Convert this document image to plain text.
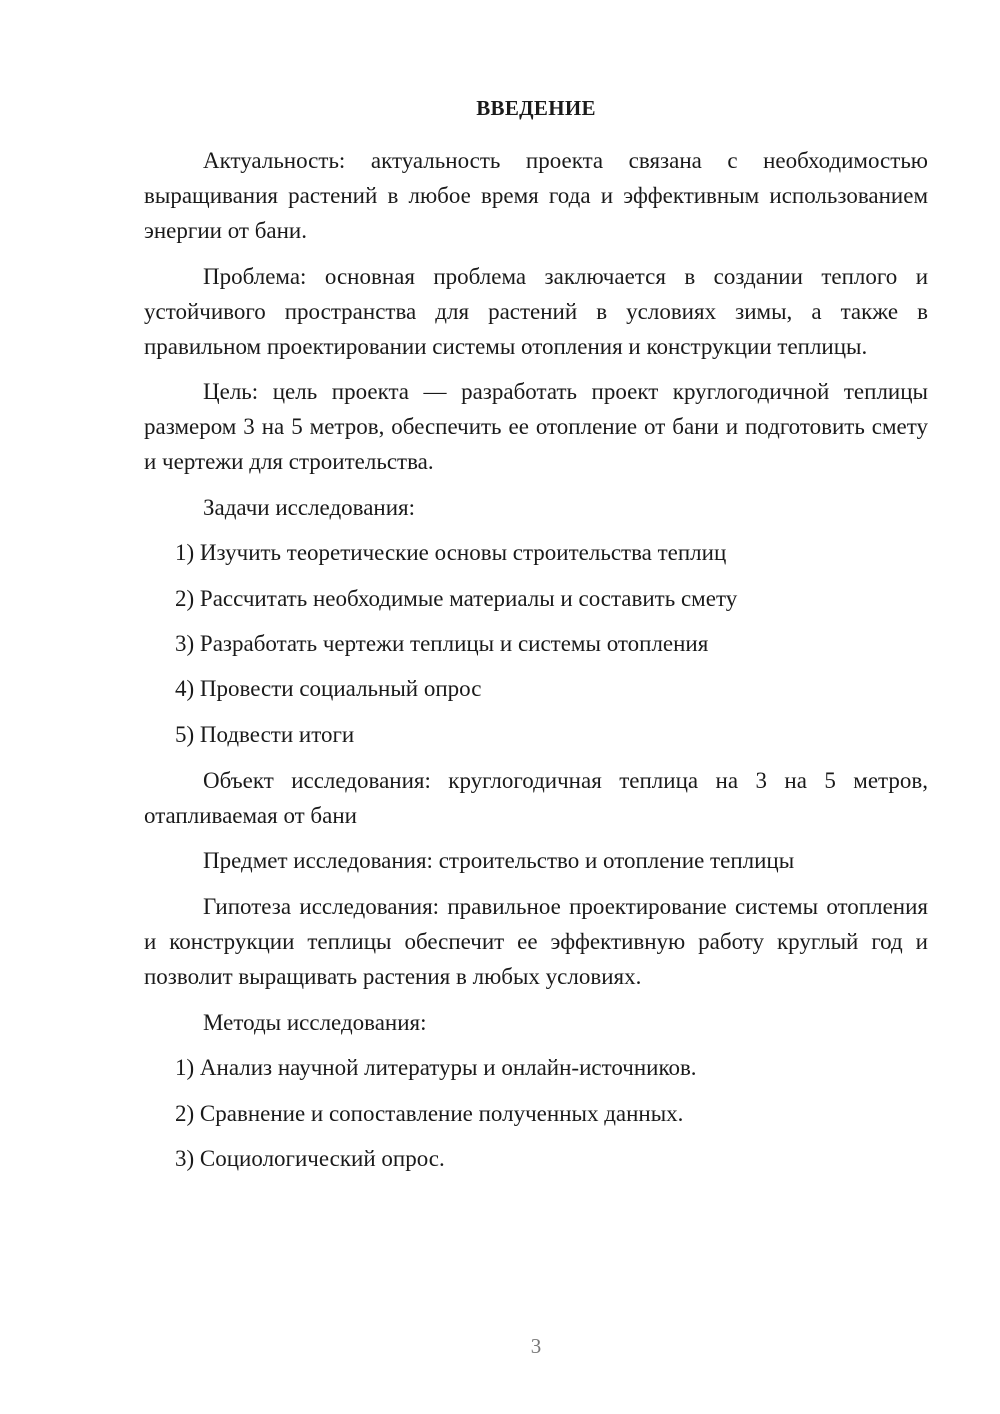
ВВЕДЕНИЕ

Актуальность: актуальность проекта связана с необходимостью выращивания растений в любое время года и эффективным использованием энергии от бани.

Проблема: основная проблема заключается в создании теплого и устойчивого пространства для растений в условиях зимы, а также в правильном проектировании системы отопления и конструкции теплицы.

Цель: цель проекта — разработать проект круглогодичной теплицы размером 3 на 5 метров, обеспечить ее отопление от бани и подготовить смету и чертежи для строительства.

Задачи исследования:

1) Изучить теоретические основы строительства теплиц

2) Рассчитать необходимые материалы и составить смету

3) Разработать чертежи теплицы и системы отопления

4) Провести социальный опрос

5) Подвести итоги

Объект исследования: круглогодичная теплица на 3 на 5 метров, отапливаемая от бани

Предмет исследования: строительство и отопление теплицы

Гипотеза исследования: правильное проектирование системы отопления и конструкции теплицы обеспечит ее эффективную работу круглый год и позволит выращивать растения в любых условиях.

Методы исследования:

1) Анализ научной литературы и онлайн-источников.

2) Сравнение и сопоставление полученных данных.

3) Социологический опрос.

3
